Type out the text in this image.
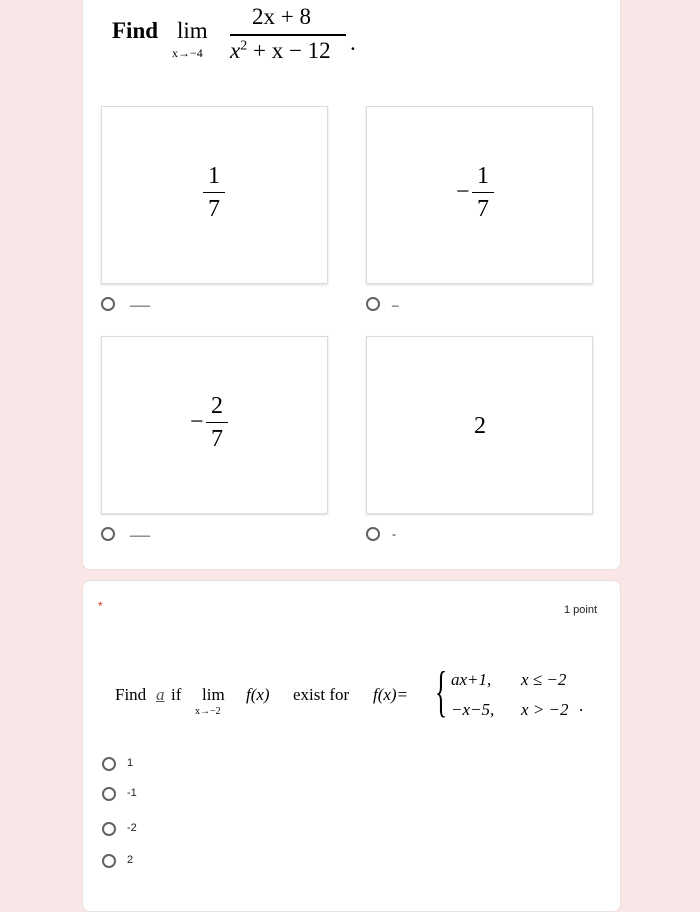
Find lim
x→−4
2x + 8
$x^2 + x - 12$ .
1
7
−
1
7
−
2
7	2
___	_
___	-
*	1 point
Find a if lim
x→−2
f(x) exist for f(x)= { ax+1, x ≤ −2
−x−5, x > −2 .
1
-1
-2
2
